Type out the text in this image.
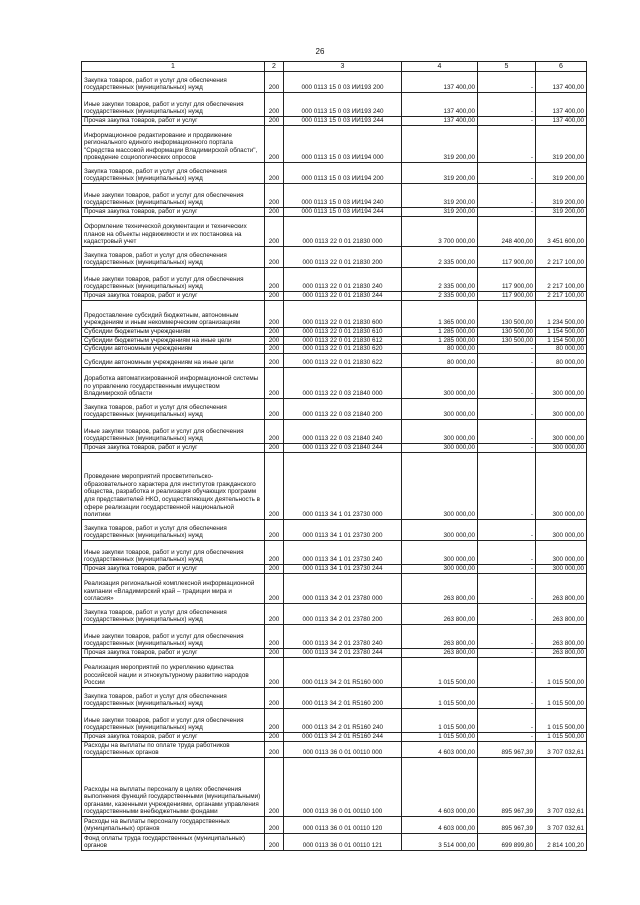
26
1	2	3	4	5	6
Закупка товаров, работ и услуг для обеспечения государственных (муниципальных) нужд	200	000 0113 15 0 03 ИИ193 200	137 400,00	-	137 400,00
Иные закупки товаров, работ и услуг для обеспечения государственных (муниципальных) нужд	200	000 0113 15 0 03 ИИ193 240	137 400,00	-	137 400,00
Прочая закупка товаров, работ и услуг	200	000 0113 15 0 03 ИИ193 244	137 400,00	-	137 400,00
Информационное редактирование и продвижение регионального единого информационного портала "Средства массовой информации Владимирской области", проведение социологических опросов	200	000 0113 15 0 03 ИИ194 000	319 200,00	-	319 200,00
Закупка товаров, работ и услуг для обеспечения государственных (муниципальных) нужд	200	000 0113 15 0 03 ИИ194 200	319 200,00	-	319 200,00
Иные закупки товаров, работ и услуг для обеспечения государственных (муниципальных) нужд	200	000 0113 15 0 03 ИИ194 240	319 200,00	-	319 200,00
Прочая закупка товаров, работ и услуг	200	000 0113 15 0 03 ИИ194 244	319 200,00	-	319 200,00
Оформление технической документации и технических планов на объекты недвижимости и их постановка на кадастровый учет	200	000 0113 22 0 01 21830 000	3 700 000,00	248 400,00	3 451 600,00
Закупка товаров, работ и услуг для обеспечения государственных (муниципальных) нужд	200	000 0113 22 0 01 21830 200	2 335 000,00	117 900,00	2 217 100,00
Иные закупки товаров, работ и услуг для обеспечения государственных (муниципальных) нужд	200	000 0113 22 0 01 21830 240	2 335 000,00	117 900,00	2 217 100,00
Прочая закупка товаров, работ и услуг	200	000 0113 22 0 01 21830 244	2 335 000,00	117 900,00	2 217 100,00
Предоставление субсидий бюджетным, автономным учреждениям и иным некоммерческим организациям	200	000 0113 22 0 01 21830 600	1 365 000,00	130 500,00	1 234 500,00
Субсидии бюджетным учреждениям	200	000 0113 22 0 01 21830 610	1 285 000,00	130 500,00	1 154 500,00
Субсидии бюджетным учреждениям на иные цели	200	000 0113 22 0 01 21830 612	1 285 000,00	130 500,00	1 154 500,00
Субсидии автономным учреждениям	200	000 0113 22 0 01 21830 620	80 000,00	-	80 000,00
Субсидии автономным учреждениям на иные цели	200	000 0113 22 0 01 21830 622	80 000,00	-	80 000,00
Доработка автоматизированной информационной системы по управлению государственным имуществом Владимирской области	200	000 0113 22 0 03 21840 000	300 000,00	-	300 000,00
Закупка товаров, работ и услуг для обеспечения государственных (муниципальных) нужд	200	000 0113 22 0 03 21840 200	300 000,00	-	300 000,00
Иные закупки товаров, работ и услуг для обеспечения государственных (муниципальных) нужд	200	000 0113 22 0 03 21840 240	300 000,00	-	300 000,00
Прочая закупка товаров, работ и услуг	200	000 0113 22 0 03 21840 244	300 000,00	-	300 000,00
Проведение мероприятий просветительско-образовательного характера для институтов гражданского общества, разработка и реализация обучающих программ для представителей НКО, осуществляющих деятельность в сфере реализации государственной национальной политики	200	000 0113 34 1 01 23730 000	300 000,00	-	300 000,00
Закупка товаров, работ и услуг для обеспечения государственных (муниципальных) нужд	200	000 0113 34 1 01 23730 200	300 000,00	-	300 000,00
Иные закупки товаров, работ и услуг для обеспечения государственных (муниципальных) нужд	200	000 0113 34 1 01 23730 240	300 000,00	-	300 000,00
Прочая закупка товаров, работ и услуг	200	000 0113 34 1 01 23730 244	300 000,00	-	300 000,00
Реализация региональной комплексной информационной кампании «Владимирский край – традиции мира и согласия»	200	000 0113 34 2 01 23780 000	263 800,00	-	263 800,00
Закупка товаров, работ и услуг для обеспечения государственных (муниципальных) нужд	200	000 0113 34 2 01 23780 200	263 800,00	-	263 800,00
Иные закупки товаров, работ и услуг для обеспечения государственных (муниципальных) нужд	200	000 0113 34 2 01 23780 240	263 800,00	-	263 800,00
Прочая закупка товаров, работ и услуг	200	000 0113 34 2 01 23780 244	263 800,00	-	263 800,00
Реализация мероприятий по укреплению единства российской нации и этнокультурному развитию народов России	200	000 0113 34 2 01 R5160 000	1 015 500,00	-	1 015 500,00
Закупка товаров, работ и услуг для обеспечения государственных (муниципальных) нужд	200	000 0113 34 2 01 R5160 200	1 015 500,00	-	1 015 500,00
Иные закупки товаров, работ и услуг для обеспечения государственных (муниципальных) нужд	200	000 0113 34 2 01 R5160 240	1 015 500,00	-	1 015 500,00
Прочая закупка товаров, работ и услуг	200	000 0113 34 2 01 R5160 244	1 015 500,00	-	1 015 500,00
Расходы на выплаты по оплате труда работников государственных органов	200	000 0113 36 0 01 00110 000	4 603 000,00	895 967,39	3 707 032,61
Расходы на выплаты персоналу в целях обеспечения выполнения функций государственными (муниципальными) органами, казенными учреждениями, органами управления государственными внебюджетными фондами	200	000 0113 36 0 01 00110 100	4 603 000,00	895 967,39	3 707 032,61
Расходы на выплаты персоналу государственных (муниципальных) органов	200	000 0113 36 0 01 00110 120	4 603 000,00	895 967,39	3 707 032,61
Фонд оплаты труда государственных (муниципальных) органов	200	000 0113 36 0 01 00110 121	3 514 000,00	699 899,80	2 814 100,20
